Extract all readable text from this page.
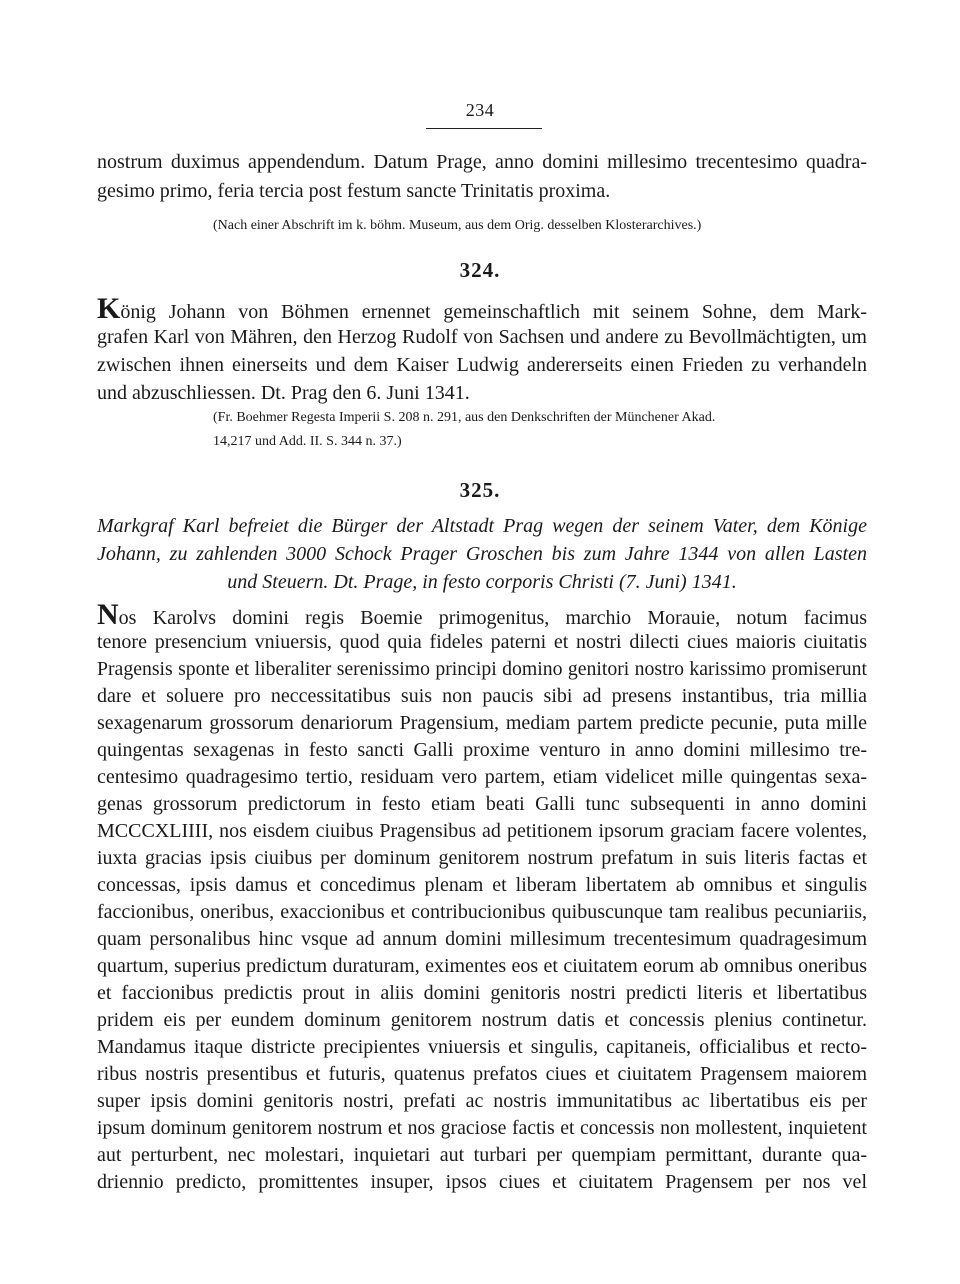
234
nostrum duximus appendendum. Datum Prage, anno domini millesimo trecentesimo quadra-
gesimo primo, feria tercia post festum sancte Trinitatis proxima.
(Nach einer Abschrift im k. böhm. Museum, aus dem Orig. desselben Klosterarchives.)
324.
König Johann von Böhmen ernennet gemeinschaftlich mit seinem Sohne, dem Mark-
grafen Karl von Mähren, den Herzog Rudolf von Sachsen und andere zu Bevollmächtigten, um
zwischen ihnen einerseits und dem Kaiser Ludwig andererseits einen Frieden zu verhandeln
und abzuschliessen. Dt. Prag den 6. Juni 1341.
(Fr. Boehmer Regesta Imperii S. 208 n. 291, aus den Denkschriften der Münchener Akad.
14,217 und Add. II. S. 344 n. 37.)
325.
Markgraf Karl befreiet die Bürger der Altstadt Prag wegen der seinem Vater, dem Könige
Johann, zu zahlenden 3000 Schock Prager Groschen bis zum Jahre 1344 von allen Lasten
und Steuern. Dt. Prage, in festo corporis Christi (7. Juni) 1341.
Nos Karolvs domini regis Boemie primogenitus, marchio Morauie, notum facimus
tenore presencium vniuersis, quod quia fideles paterni et nostri dilecti ciues maioris ciuitatis
Pragensis sponte et liberaliter serenissimo principi domino genitori nostro karissimo promiserunt
dare et soluere pro neccessitatibus suis non paucis sibi ad presens instantibus, tria millia
sexagenarum grossorum denariorum Pragensium, mediam partem predicte pecunie, puta mille
quingentas sexagenas in festo sancti Galli proxime venturo in anno domini millesimo tre-
centesimo quadragesimo tertio, residuam vero partem, etiam videlicet mille quingentas sexa-
genas grossorum predictorum in festo etiam beati Galli tunc subsequenti in anno domini
MCCCXLIIII, nos eisdem ciuibus Pragensibus ad petitionem ipsorum graciam facere volentes,
iuxta gracias ipsis ciuibus per dominum genitorem nostrum prefatum in suis literis factas et
concessas, ipsis damus et concedimus plenam et liberam libertatem ab omnibus et singulis
faccionibus, oneribus, exaccionibus et contribucionibus quibuscunque tam realibus pecuniariis,
quam personalibus hinc vsque ad annum domini millesimum trecentesimum quadragesimum
quartum, superius predictum duraturam, eximentes eos et ciuitatem eorum ab omnibus oneribus
et faccionibus predictis prout in aliis domini genitoris nostri predicti literis et libertatibus
pridem eis per eundem dominum genitorem nostrum datis et concessis plenius continetur.
Mandamus itaque districte precipientes vniuersis et singulis, capitaneis, officialibus et recto-
ribus nostris presentibus et futuris, quatenus prefatos ciues et ciuitatem Pragensem maiorem
super ipsis domini genitoris nostri, prefati ac nostris immunitatibus ac libertatibus eis per
ipsum dominum genitorem nostrum et nos graciose factis et concessis non mollestent, inquietent
aut perturbent, nec molestari, inquietari aut turbari per quempiam permittant, durante qua-
driennio predicto, promittentes insuper, ipsos ciues et ciuitatem Pragensem per nos vel
